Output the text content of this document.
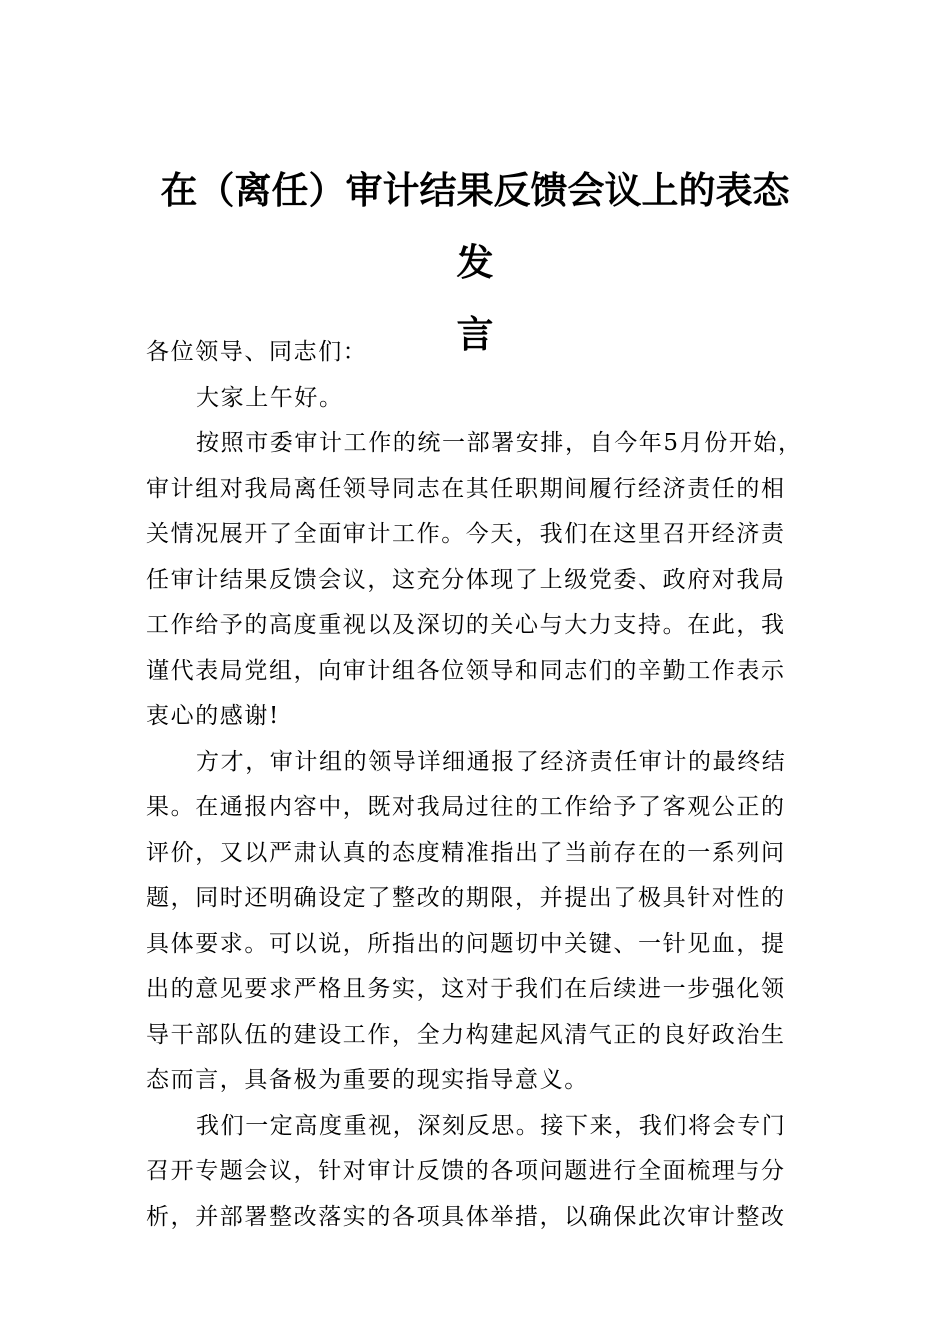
在（离任）审计结果反馈会议上的表态发
言
各位领导、同志们：
大家上午好。
按照市委审计工作的统一部署安排，自今年5月份开始，
审计组对我局离任领导同志在其任职期间履行经济责任的相
关情况展开了全面审计工作。今天，我们在这里召开经济责
任审计结果反馈会议，这充分体现了上级党委、政府对我局
工作给予的高度重视以及深切的关心与大力支持。在此，我
谨代表局党组，向审计组各位领导和同志们的辛勤工作表示
衷心的感谢!
方才，审计组的领导详细通报了经济责任审计的最终结
果。在通报内容中，既对我局过往的工作给予了客观公正的
评价，又以严肃认真的态度精准指出了当前存在的一系列问
题，同时还明确设定了整改的期限，并提出了极具针对性的
具体要求。可以说，所指出的问题切中关键、一针见血，提
出的意见要求严格且务实，这对于我们在后续进一步强化领
导干部队伍的建设工作，全力构建起风清气正的良好政治生
态而言，具备极为重要的现实指导意义。
我们一定高度重视，深刻反思。接下来，我们将会专门
召开专题会议，针对审计反馈的各项问题进行全面梳理与分
析，并部署整改落实的各项具体举措，以确保此次审计整改
